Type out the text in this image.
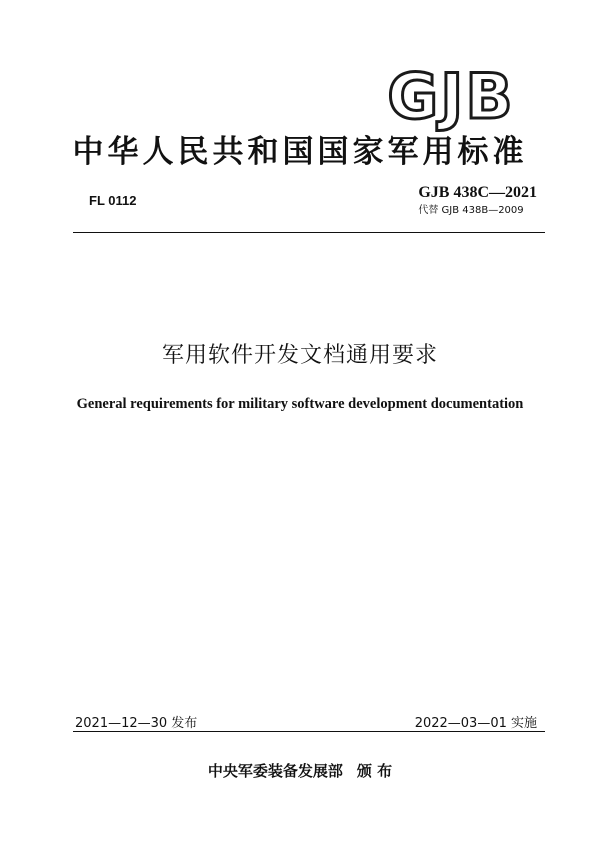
GJB
中华人民共和国国家军用标准
FL 0112	GJB 438C—2021
代替 GJB 438B—2009
军用软件开发文档通用要求
General requirements for military software development documentation
2021—12—30 发布	2022—03—01 实施
中央军委装备发展部 颁 布
